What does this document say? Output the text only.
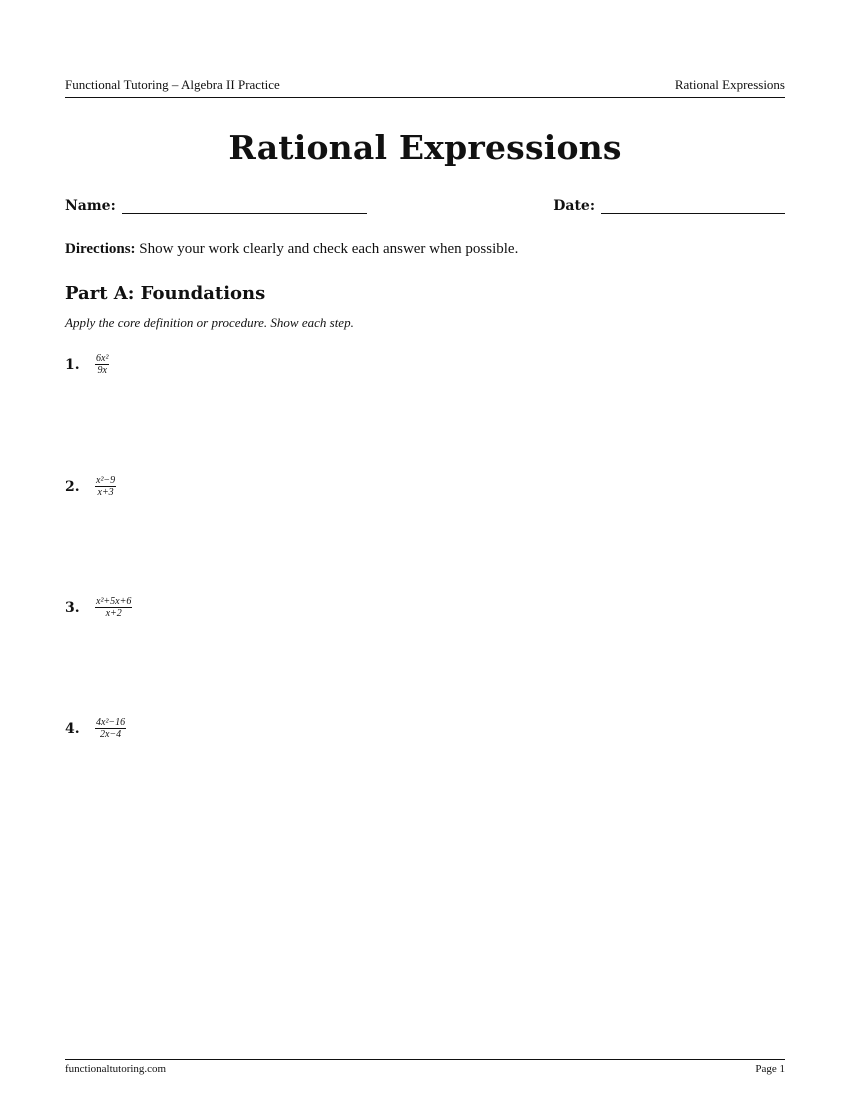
Functional Tutoring – Algebra II Practice	Rational Expressions
Rational Expressions
Name:	Date:
Directions: Show your work clearly and check each answer when possible.
Part A: Foundations
Apply the core definition or procedure. Show each step.
1.	$\frac{\text{6x²}}{9x}$
2.	$\frac{\text{x²−9}}{x+3}$
3.	$\frac{\text{x²+5x+6}}{x+2}$
4.	$\frac{\text{4x²−16}}{2x-4}$
functionaltutoring.com	Page 1
